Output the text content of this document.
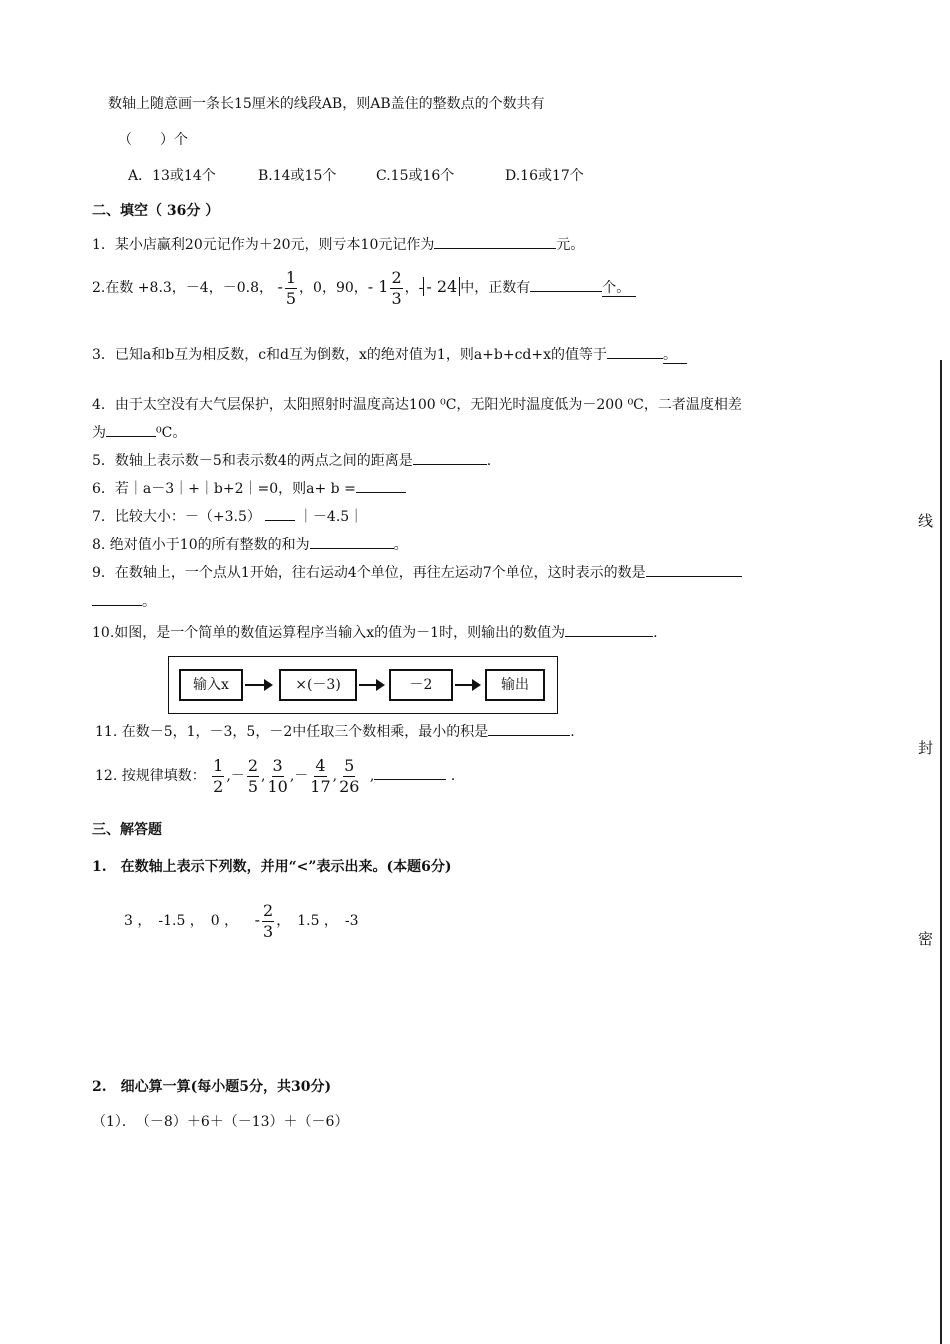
数轴上随意画一条长15厘米的线段AB，则AB盖住的整数点的个数共有
（　　）个
A．13或14个	B.14或15个	C.15或16个	D.16或17个
二、填空（ 36分 ）
1．某小店赢利20元记作为＋20元，则亏本10元记作为	元。
2.在数 +8.3，－4，－0.8， - $\frac{1}{5}$ ，0，90，- $1 \frac{2}{3}$ ，- - 24 中，正数有	个。
3．已知a和b互为相反数，c和d互为倒数，x的绝对值为1，则a+b+cd+x的值等于	。
4．由于太空没有大气层保护，太阳照射时温度高达100 ⁰C，无阳光时温度低为－200 ⁰C，二者温度相差
为	⁰C。
5．数轴上表示数－5和表示数4的两点之间的距离是	.
6．若｜a－3｜+｜b+2｜=0，则a+ b =
7．比较大小：－（+3.5）	｜－4.5｜
8. 绝对值小于10的所有整数的和为	。
9．在数轴上，一个点从1开始，往右运动4个单位，再往左运动7个单位，这时表示的数是
。
10.如图，是一个简单的数值运算程序当输入x的值为－1时，则输出的数值为	.
输入x	×(－3)	－2	输出
11. 在数－5，1，－3，5，－2中任取三个数相乘，最小的积是	.
12. 按规律填数： $\frac{1}{2}$ ,－ $\frac{2}{5}$ , $\frac{3}{10}$ ,－ $\frac{4}{17}$ , $\frac{5}{26}$ ,	.
三、解答题
1.　在数轴上表示下列数，并用“<”表示出来。(本题6分)
3 ，　-1.5 ，　0 ， - $\frac{2}{3}$ ，　1.5 ，　-3
2.　细心算一算(每小题5分，共30分)
（1）．　（－8）＋6＋（－13）＋（－6）
线
封
密
